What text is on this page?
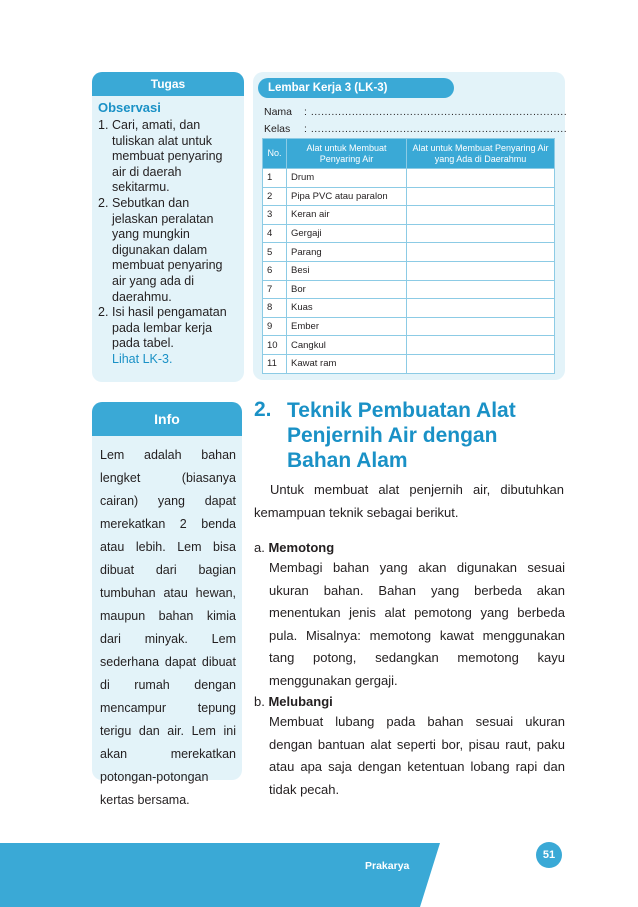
Tugas
Observasi
1. Cari, amati, dan tuliskan alat untuk membuat penyaring air di daerah sekitarmu.
2. Sebutkan dan jelaskan peralatan yang mungkin digunakan dalam membuat penyaring air yang ada di daerahmu.
2. Isi hasil pengamatan pada lembar kerja pada tabel.
Lihat LK-3.
Lembar Kerja 3 (LK-3)
Nama : ...........................................................................
Kelas : ...........................................................................
No.	Alat untuk Membuat Penyaring Air	Alat untuk Membuat Penyaring Air yang Ada di Daerahmu
1	Drum	
2	Pipa PVC atau paralon	
3	Keran air	
4	Gergaji	
5	Parang	
6	Besi	
7	Bor	
8	Kuas	
9	Ember	
10	Cangkul	
11	Kawat ram	
Info
Lem adalah bahan lengket (biasanya cairan) yang dapat merekatkan 2 benda atau lebih. Lem bisa dibuat dari bagian tumbuhan atau hewan, maupun bahan kimia dari minyak. Lem sederhana dapat dibuat di rumah dengan mencampur tepung terigu dan air. Lem ini akan merekatkan potongan-potongan kertas bersama.
2. Teknik Pembuatan Alat Penjernih Air dengan Bahan Alam
Untuk membuat alat penjernih air, dibutuhkan kemampuan teknik sebagai berikut.
a. Memotong
Membagi bahan yang akan digunakan sesuai ukuran bahan. Bahan yang berbeda akan menentukan jenis alat pemotong yang berbeda pula. Misalnya: memotong kawat menggunakan tang potong, sedangkan memotong kayu menggunakan gergaji.
b. Melubangi
Membuat lubang pada bahan sesuai ukuran dengan bantuan alat seperti bor, pisau raut, paku atau apa saja dengan ketentuan lobang rapi dan tidak pecah.
Prakarya
51
